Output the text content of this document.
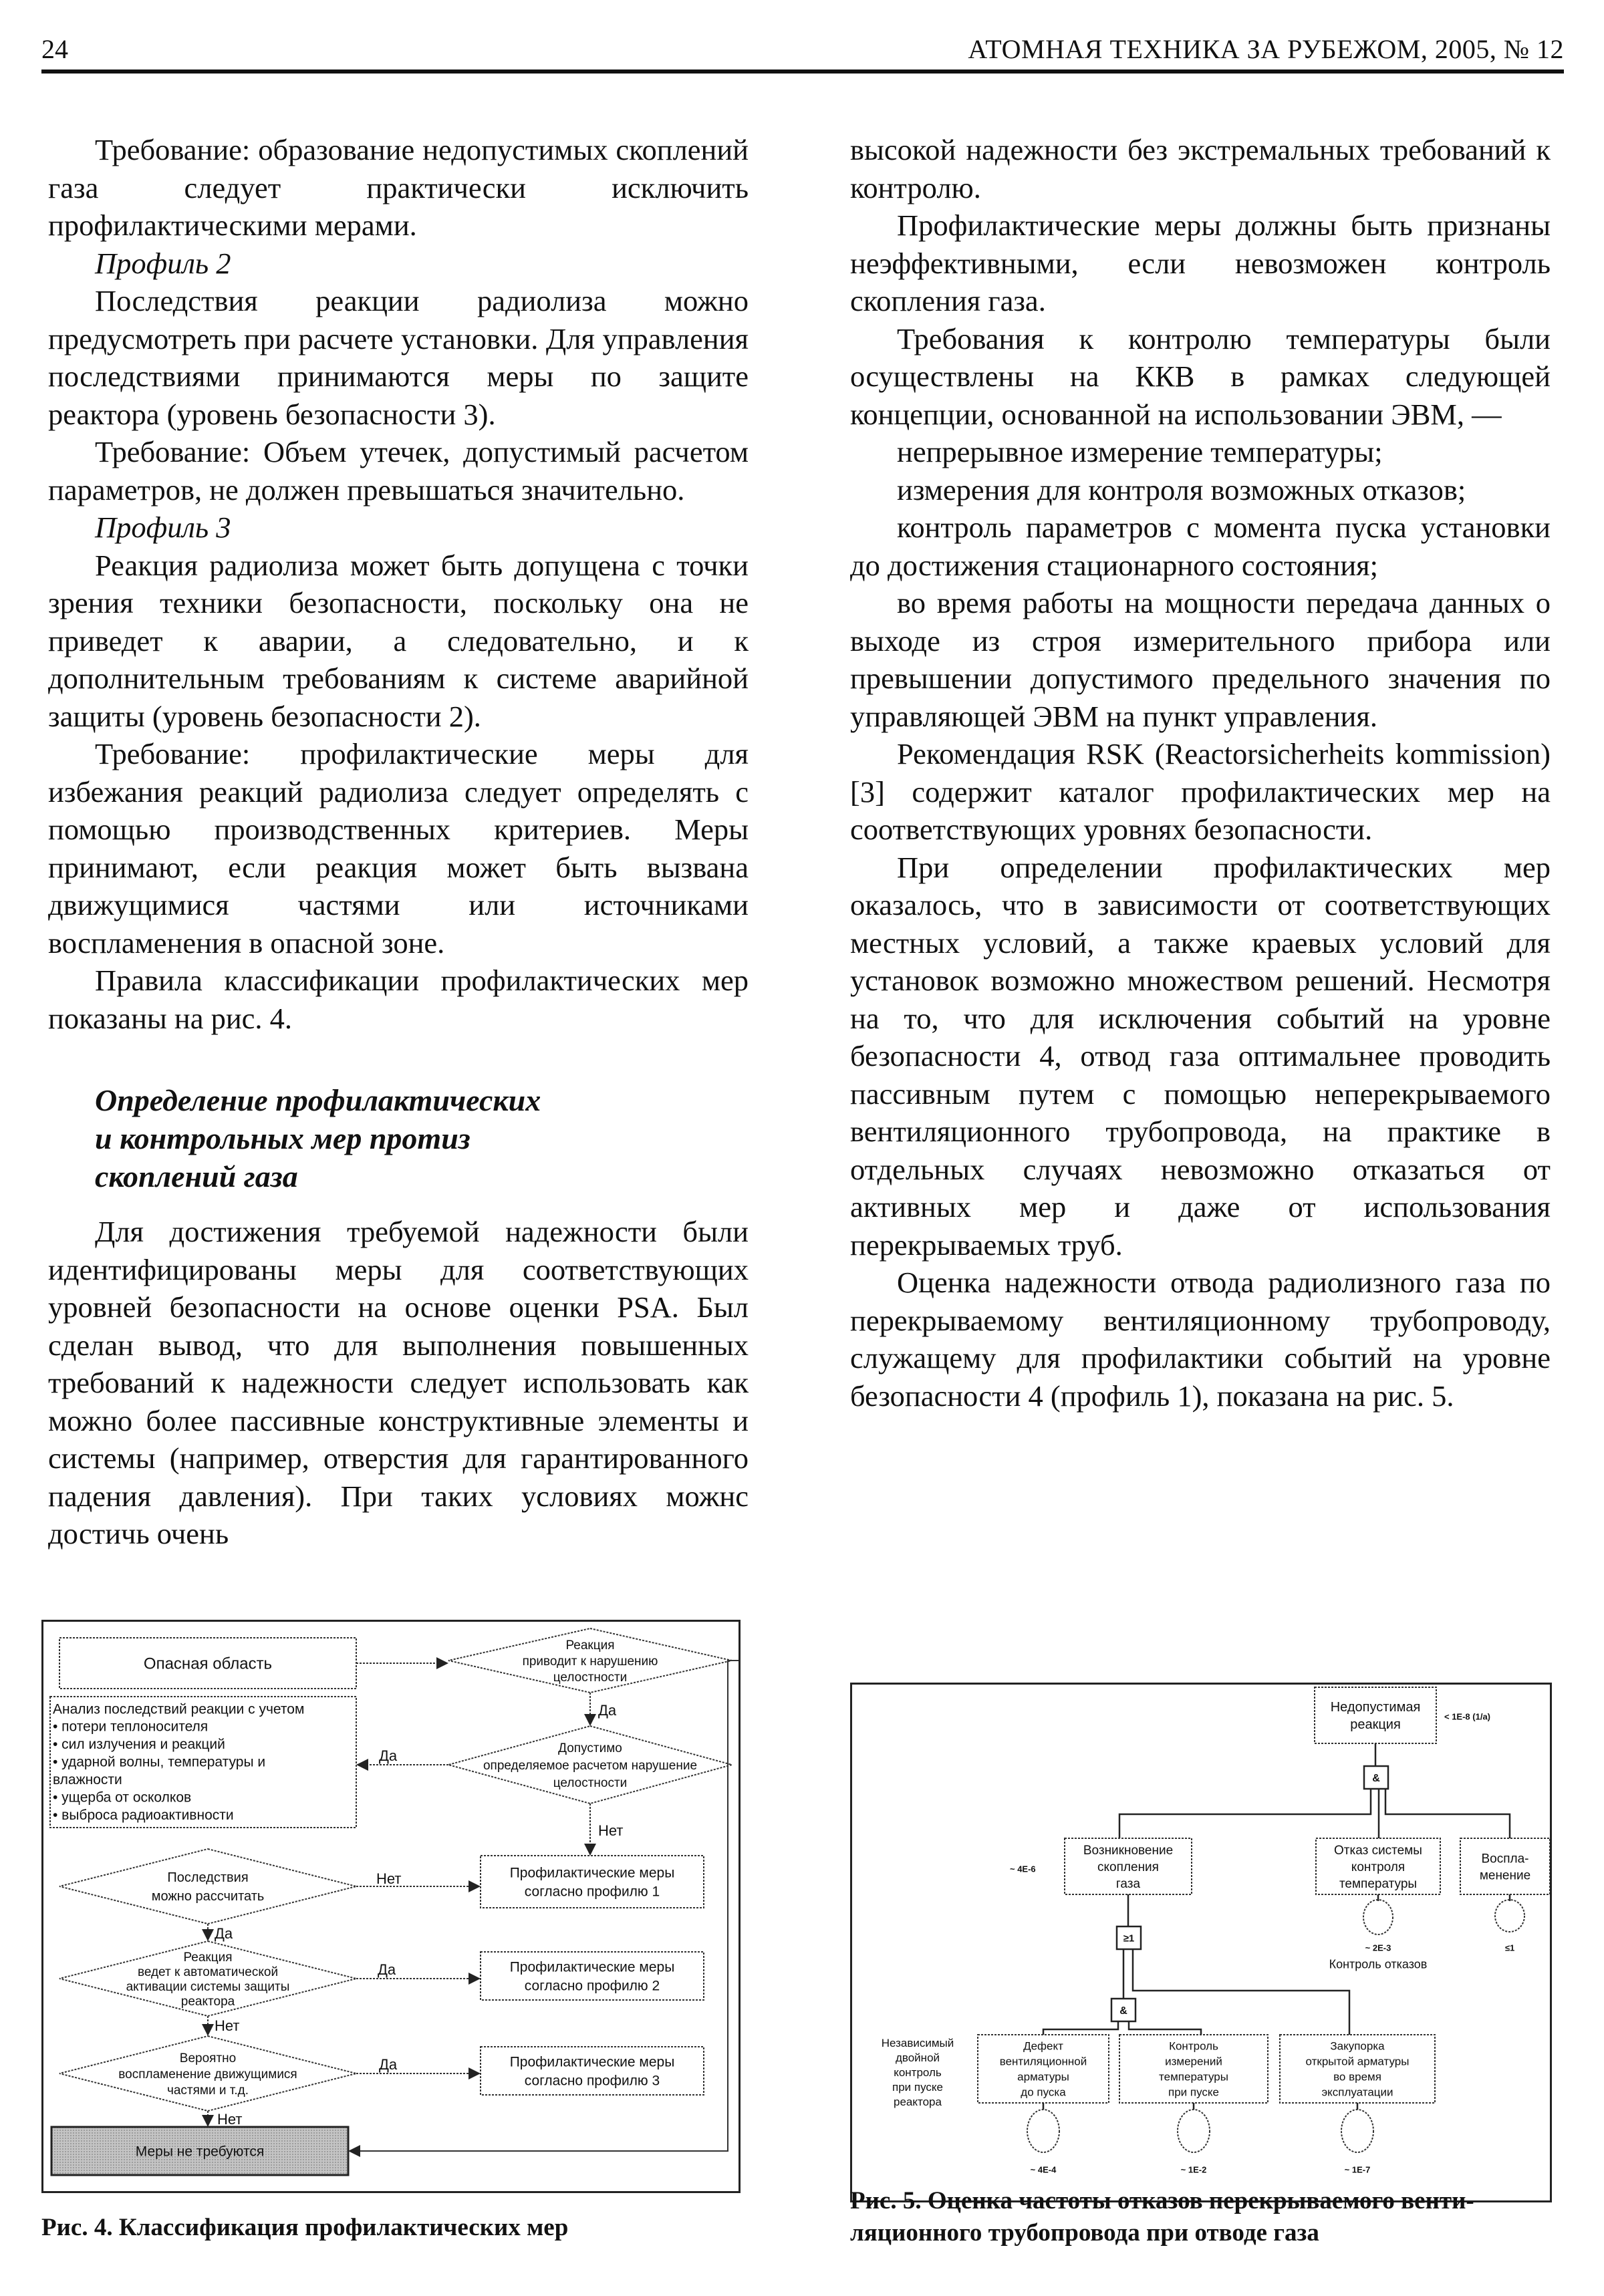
24	АТОМНАЯ ТЕХНИКА ЗА РУБЕЖОМ, 2005, № 12

Требование: образование недопустимых скоплений газа следует практически исключить профилактическими мерами.

Профиль 2

Последствия реакции радиолиза можно предусмотреть при расчете установки. Для управления последствиями принимаются меры по защите реактора (уровень безопасности 3).

Требование: Объем утечек, допустимый расчетом параметров, не должен превышаться значительно.

Профиль 3

Реакция радиолиза может быть допущена с точки зрения техники безопасности, поскольку она не приведет к аварии, а следовательно, и к дополнительным требованиям к системе аварийной защиты (уровень безопасности 2).

Требование: профилактические меры для избежания реакций радиолиза следует определять с помощью производственных критериев. Меры принимают, если реакция может быть вызвана движущимися частями или источниками воспламенения в опасной зоне.

Правила классификации профилактических мер показаны на рис. 4.

Определение профилактических
и контрольных мер протиз
скоплений газа

Для достижения требуемой надежности были идентифицированы меры для соответствующих уровней безопасности на основе оценки PSA. Был сделан вывод, что для выполнения повышенных требований к надежности следует использовать как можно более пассивные конструктивные элементы и системы (например, отверстия для гарантированного падения давления). При таких условиях можнс достичь очень

высокой надежности без экстремальных требований к контролю.

Профилактические меры должны быть признаны неэффективными, если невозможен контроль скопления газа.

Требования к контролю температуры были осуществлены на ККВ в рамках следующей концепции, основанной на использовании ЭВМ, —

непрерывное измерение температуры;

измерения для контроля возможных отказов;

контроль параметров с момента пуска установки до достижения стационарного состояния;

во время работы на мощности передача данных о выходе из строя измерительного прибора или превышении допустимого предельного значения по управляющей ЭВМ на пункт управления.

Рекомендация RSK (Reactorsicherheits kommission) [3] содержит каталог профилактических мер на соответствующих уровнях безопасности.

При определении профилактических мер оказалось, что в зависимости от соответствующих местных условий, а также краевых условий для установок возможно множеством решений. Несмотря на то, что для исключения событий на уровне безопасности 4, отвод газа оптимальнее проводить пассивным путем с помощью неперекрываемого вентиляционного трубопровода, на практике в отдельных случаях невозможно отказаться от активных мер и даже от использования перекрываемых труб.

Оценка надежности отвода радиолизного газа по перекрываемому вентиляционному трубопроводу, служащему для профилактики событий на уровне безопасности 4 (профиль 1), показана на рис. 5.

Опасная область
Анализ последствий реакции с учетом
• потери теплоносителя
• сил излучения и реакций
• ударной волны, температуры и
влажности
• ущерба от осколков
• выброса радиоактивности
Реакция
приводит к нарушению
целостности
Допустимо
определяемое расчетом нарушение
целостности
Последствия
можно рассчитать
Реакция
ведет к автоматической
активации системы защиты
реактора
Вероятно
воспламенение движущимися
частями и т.д.
Профилактические меры
согласно профилю 1
Профилактические меры
согласно профилю 2
Профилактические меры
согласно профилю 3
Меры не требуются
Да
Да
Нет
Нет
Да
Да
Нет
Да
Нет
Рис. 4. Классификация профилактических мер
Недопустимая
реакция
< 1E-8 (1/a)
&
Возникновение
скопления
газа
~ 4E-6
Отказ системы
контроля
температуры
~ 2E-3
Контроль отказов
Воспла-
менение
≤1
≥1
&
Независимый
двойной
контроль
при пуске
реактора
Дефект
вентиляционной
арматуры
до пуска
Контроль
измерений
температуры
при пуске
Закупорка
открытой арматуры
во время
эксплуатации
~ 4E-4	~ 1E-2	~ 1E-7
Рис. 5. Оценка частоты отказов перекрываемого венти-
ляционного трубопровода при отводе газа
